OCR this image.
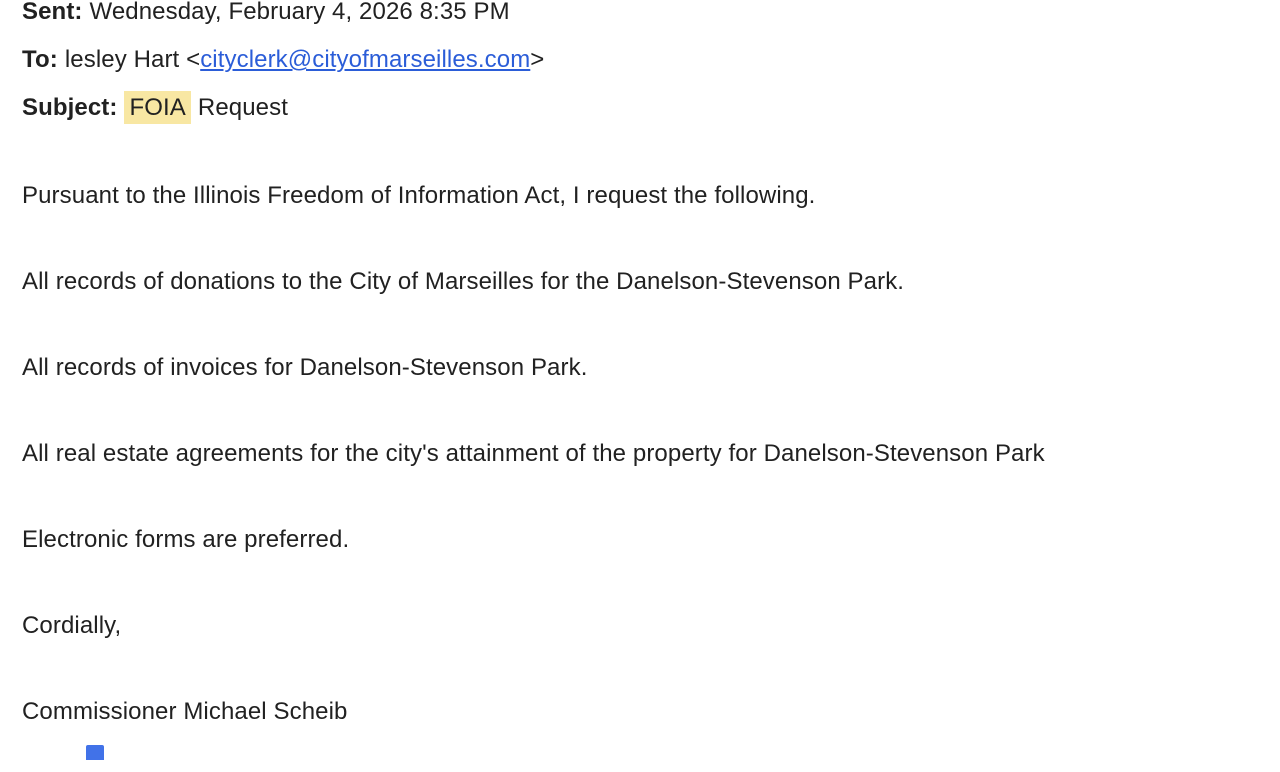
Sent: Wednesday, February 4, 2026 8:35 PM
To: lesley Hart <cityclerk@cityofmarseilles.com>
Subject: FOIA Request

Pursuant to the Illinois Freedom of Information Act, I request the following.

All records of donations to the City of Marseilles for the Danelson-Stevenson Park.

All records of invoices for Danelson-Stevenson Park.

All real estate agreements for the city's attainment of the property for Danelson-Stevenson Park

Electronic forms are preferred.

Cordially,

Commissioner Michael Scheib
